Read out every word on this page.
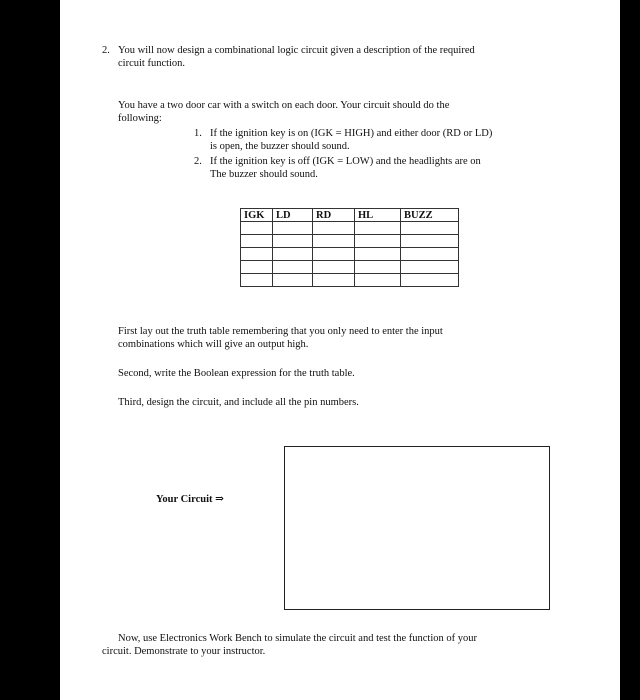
2. You will now design a combinational logic circuit given a description of the required
circuit function.
You have a two door car with a switch on each door. Your circuit should do the
following:
1. If the ignition key is on (IGK = HIGH) and either door (RD or LD)
is open, the buzzer should sound.
2. If the ignition key is off (IGK = LOW) and the headlights are on
The buzzer should sound.
IGK	LD	RD	HL	BUZZ

First lay out the truth table remembering that you only need to enter the input
combinations which will give an output high.
Second, write the Boolean expression for the truth table.
Third, design the circuit, and include all the pin numbers.
Your Circuit ⇒
Now, use Electronics Work Bench to simulate the circuit and test the function of your
circuit. Demonstrate to your instructor.
